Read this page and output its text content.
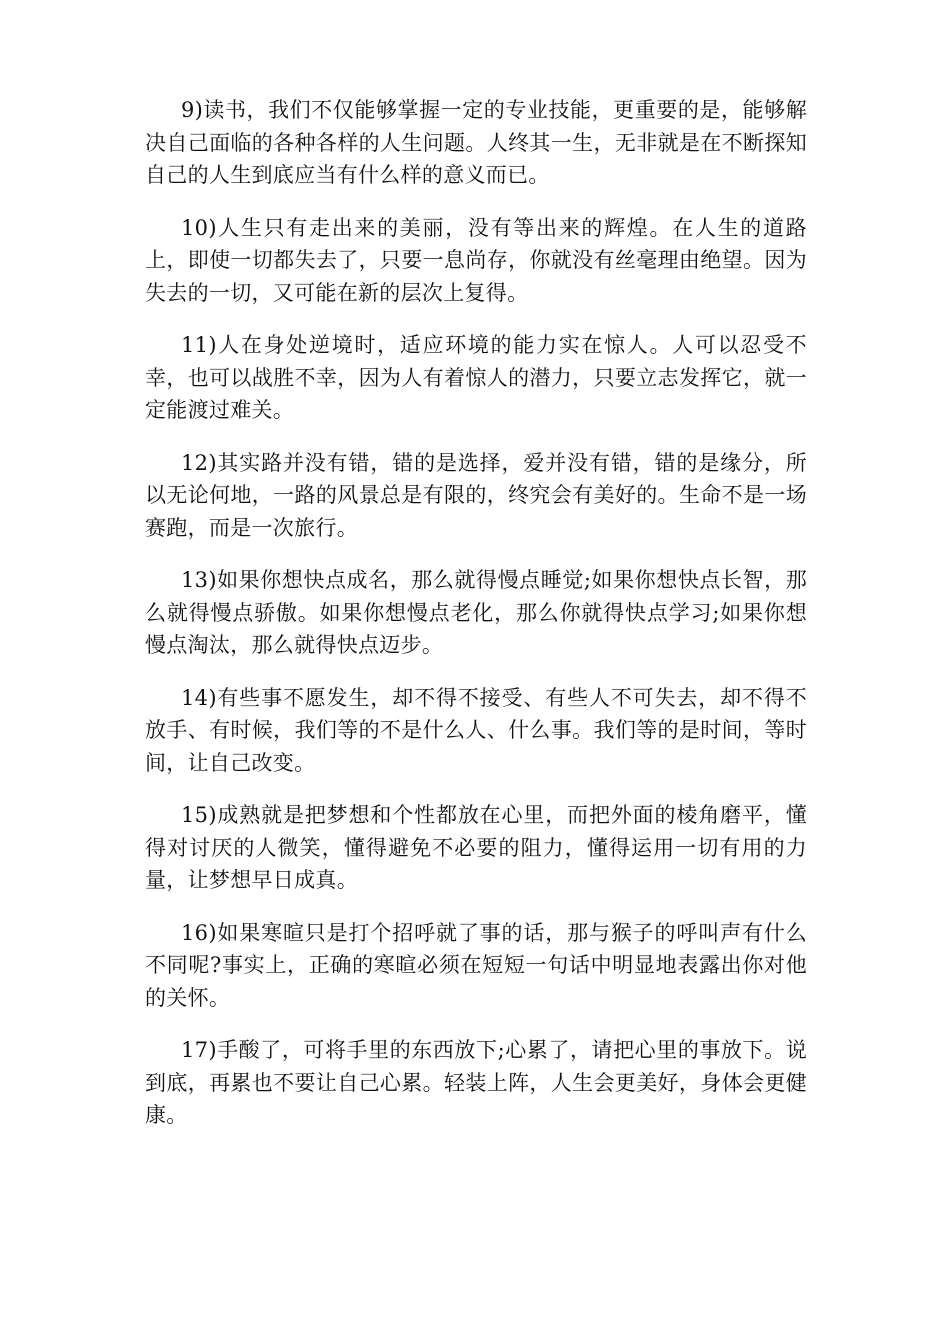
9)读书，我们不仅能够掌握一定的专业技能，更重要的是，能够解决自己面临的各种各样的人生问题。人终其一生，无非就是在不断探知自己的人生到底应当有什么样的意义而已。

10)人生只有走出来的美丽，没有等出来的辉煌。在人生的道路上，即使一切都失去了，只要一息尚存，你就没有丝毫理由绝望。因为失去的一切，又可能在新的层次上复得。

11)人在身处逆境时，适应环境的能力实在惊人。人可以忍受不幸，也可以战胜不幸，因为人有着惊人的潜力，只要立志发挥它，就一定能渡过难关。

12)其实路并没有错，错的是选择，爱并没有错，错的是缘分，所以无论何地，一路的风景总是有限的，终究会有美好的。生命不是一场赛跑，而是一次旅行。

13)如果你想快点成名，那么就得慢点睡觉;如果你想快点长智，那么就得慢点骄傲。如果你想慢点老化，那么你就得快点学习;如果你想慢点淘汰，那么就得快点迈步。

14)有些事不愿发生，却不得不接受、有些人不可失去，却不得不放手、有时候，我们等的不是什么人、什么事。我们等的是时间，等时间，让自己改变。

15)成熟就是把梦想和个性都放在心里，而把外面的棱角磨平，懂得对讨厌的人微笑，懂得避免不必要的阻力，懂得运用一切有用的力量，让梦想早日成真。

16)如果寒暄只是打个招呼就了事的话，那与猴子的呼叫声有什么不同呢?事实上，正确的寒暄必须在短短一句话中明显地表露出你对他的关怀。

17)手酸了，可将手里的东西放下;心累了，请把心里的事放下。说到底，再累也不要让自己心累。轻装上阵，人生会更美好，身体会更健康。
